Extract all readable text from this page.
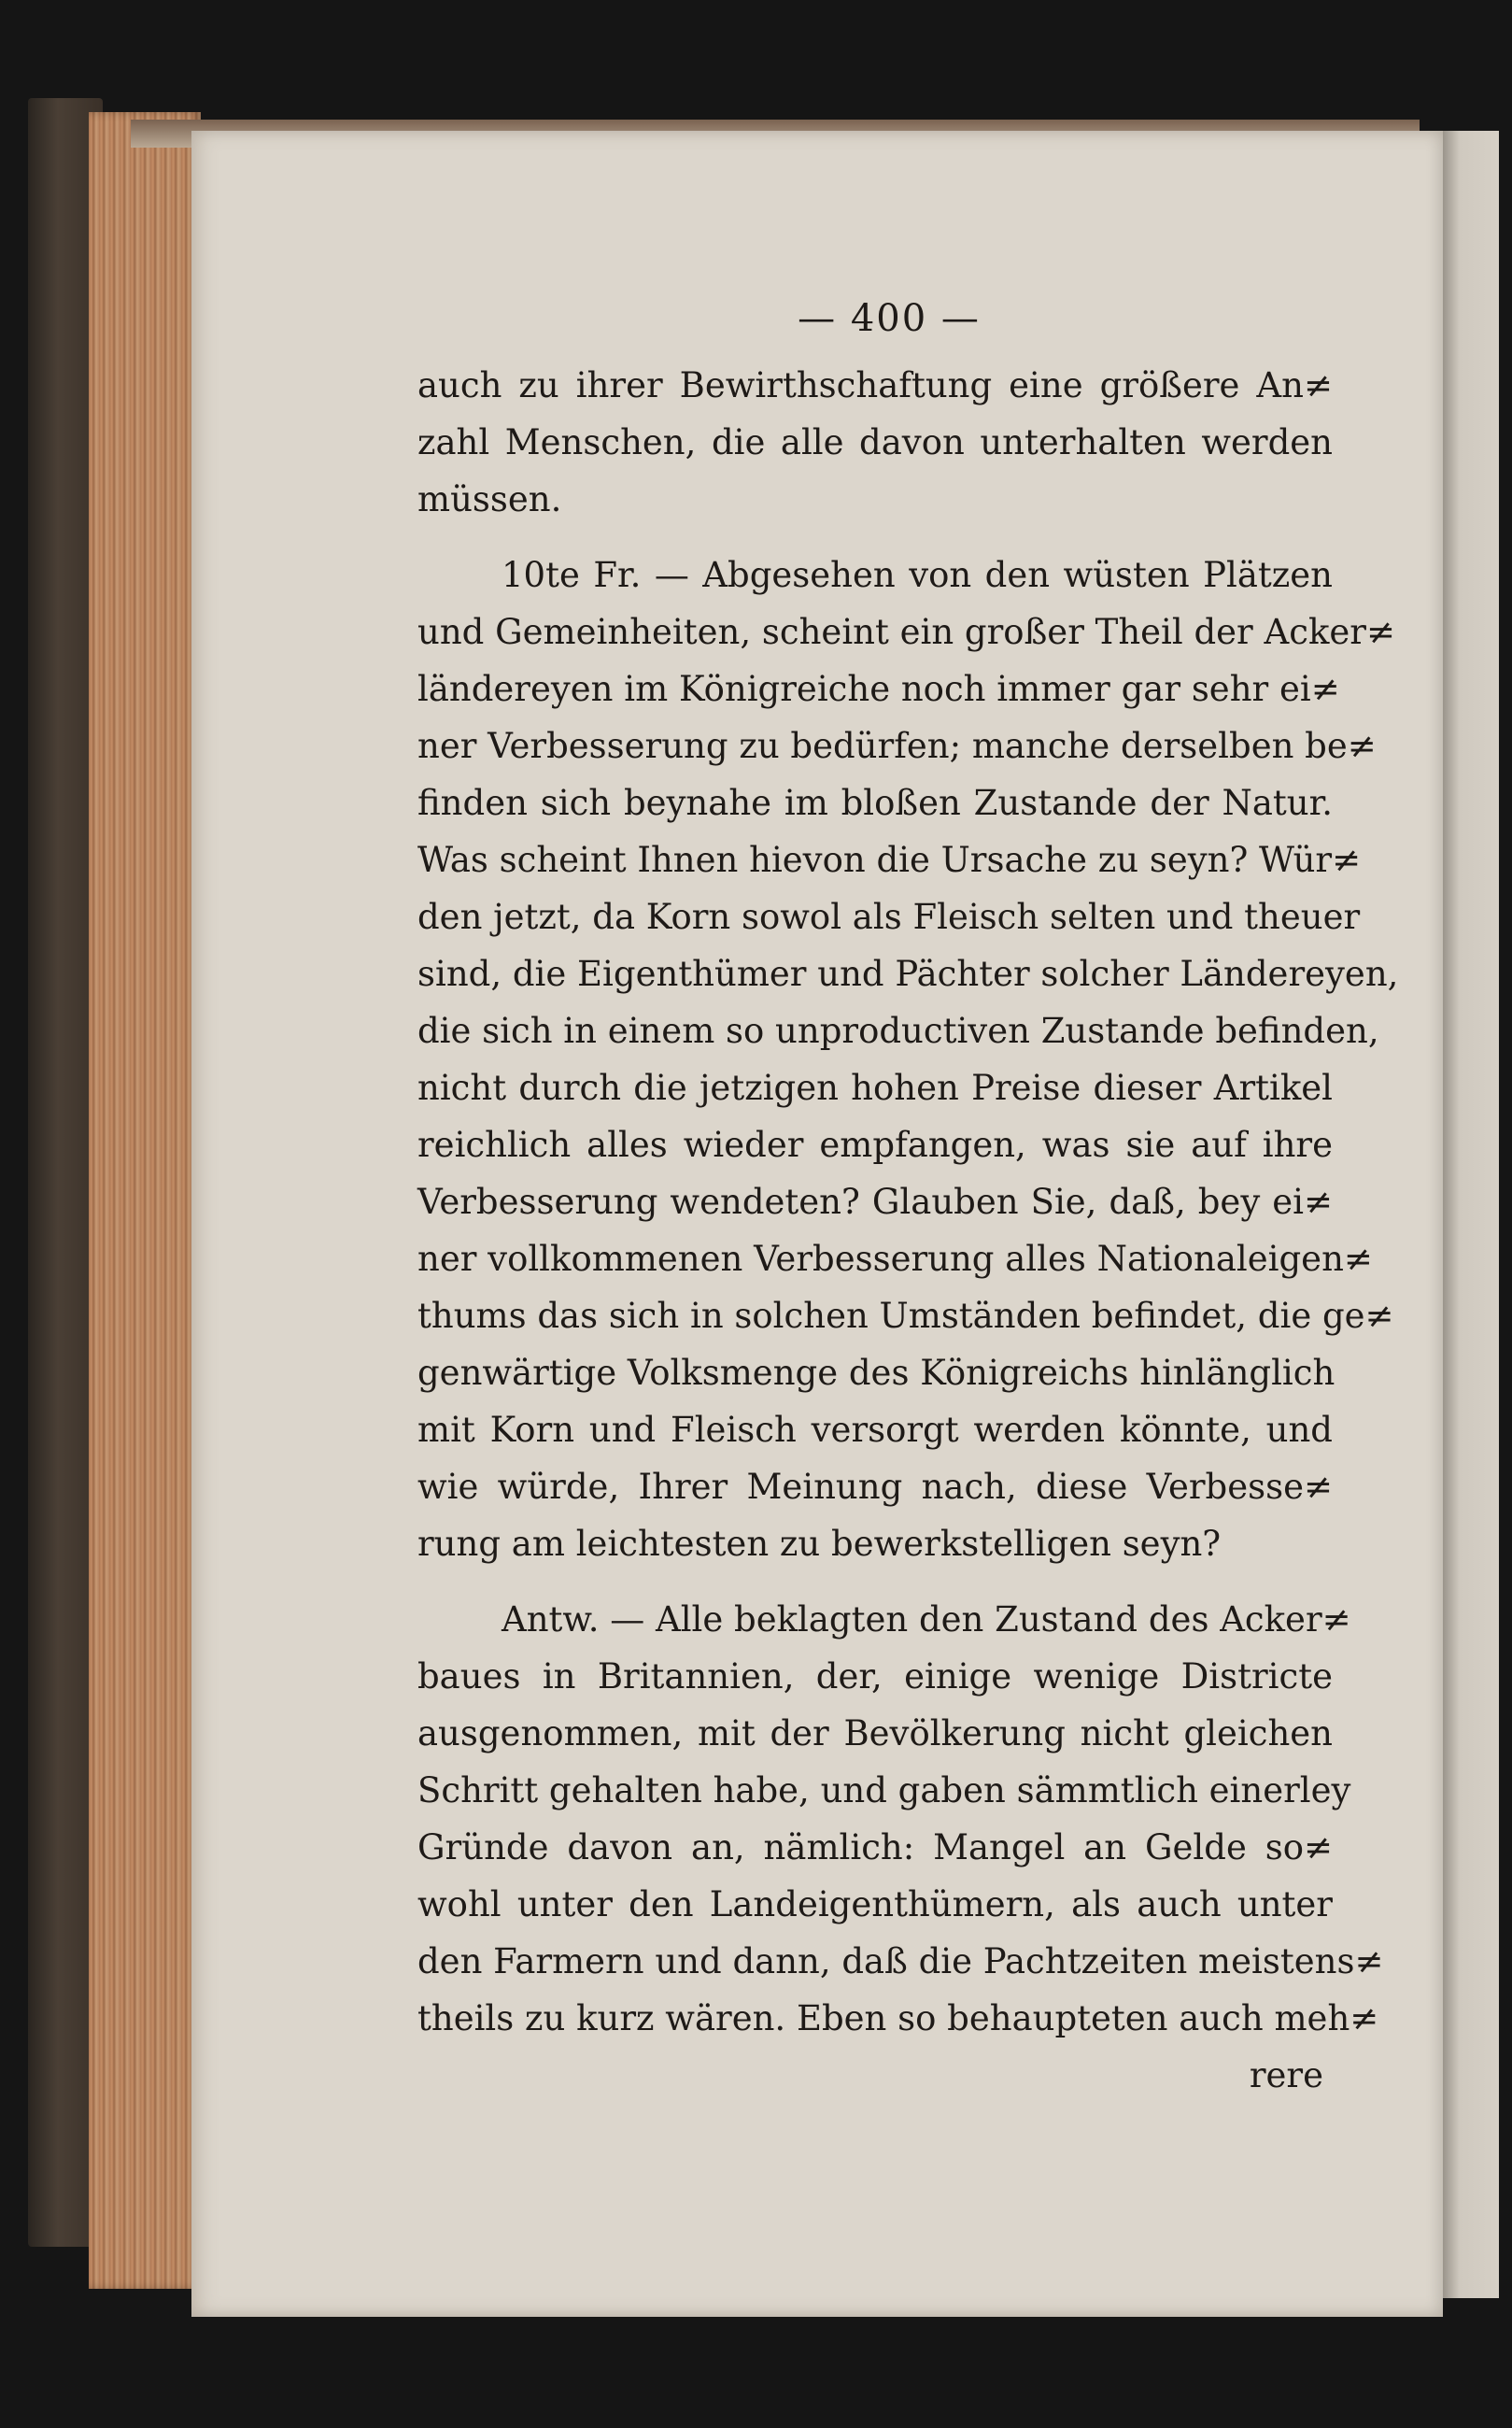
— 400 —
auch zu ihrer Bewirthschaftung eine größere An≠
zahl Menschen, die alle davon unterhalten werden
müssen.
10te Fr. — Abgesehen von den wüsten Plätzen
und Gemeinheiten, scheint ein großer Theil der Acker≠
ländereyen im Königreiche noch immer gar sehr ei≠
ner Verbesserung zu bedürfen; manche derselben be≠
finden sich beynahe im bloßen Zustande der Natur.
Was scheint Ihnen hievon die Ursache zu seyn? Wür≠
den jetzt, da Korn sowol als Fleisch selten und theuer
sind, die Eigenthümer und Pächter solcher Ländereyen,
die sich in einem so unproductiven Zustande befinden,
nicht durch die jetzigen hohen Preise dieser Artikel
reichlich alles wieder empfangen, was sie auf ihre
Verbesserung wendeten? Glauben Sie, daß, bey ei≠
ner vollkommenen Verbesserung alles Nationaleigen≠
thums das sich in solchen Umständen befindet, die ge≠
genwärtige Volksmenge des Königreichs hinlänglich
mit Korn und Fleisch versorgt werden könnte, und
wie würde, Ihrer Meinung nach, diese Verbesse≠
rung am leichtesten zu bewerkstelligen seyn?
Antw. — Alle beklagten den Zustand des Acker≠
baues in Britannien, der, einige wenige Districte
ausgenommen, mit der Bevölkerung nicht gleichen
Schritt gehalten habe, und gaben sämmtlich einerley
Gründe davon an, nämlich: Mangel an Gelde so≠
wohl unter den Landeigenthümern, als auch unter
den Farmern und dann, daß die Pachtzeiten meistens≠
theils zu kurz wären. Eben so behaupteten auch meh≠
rere
